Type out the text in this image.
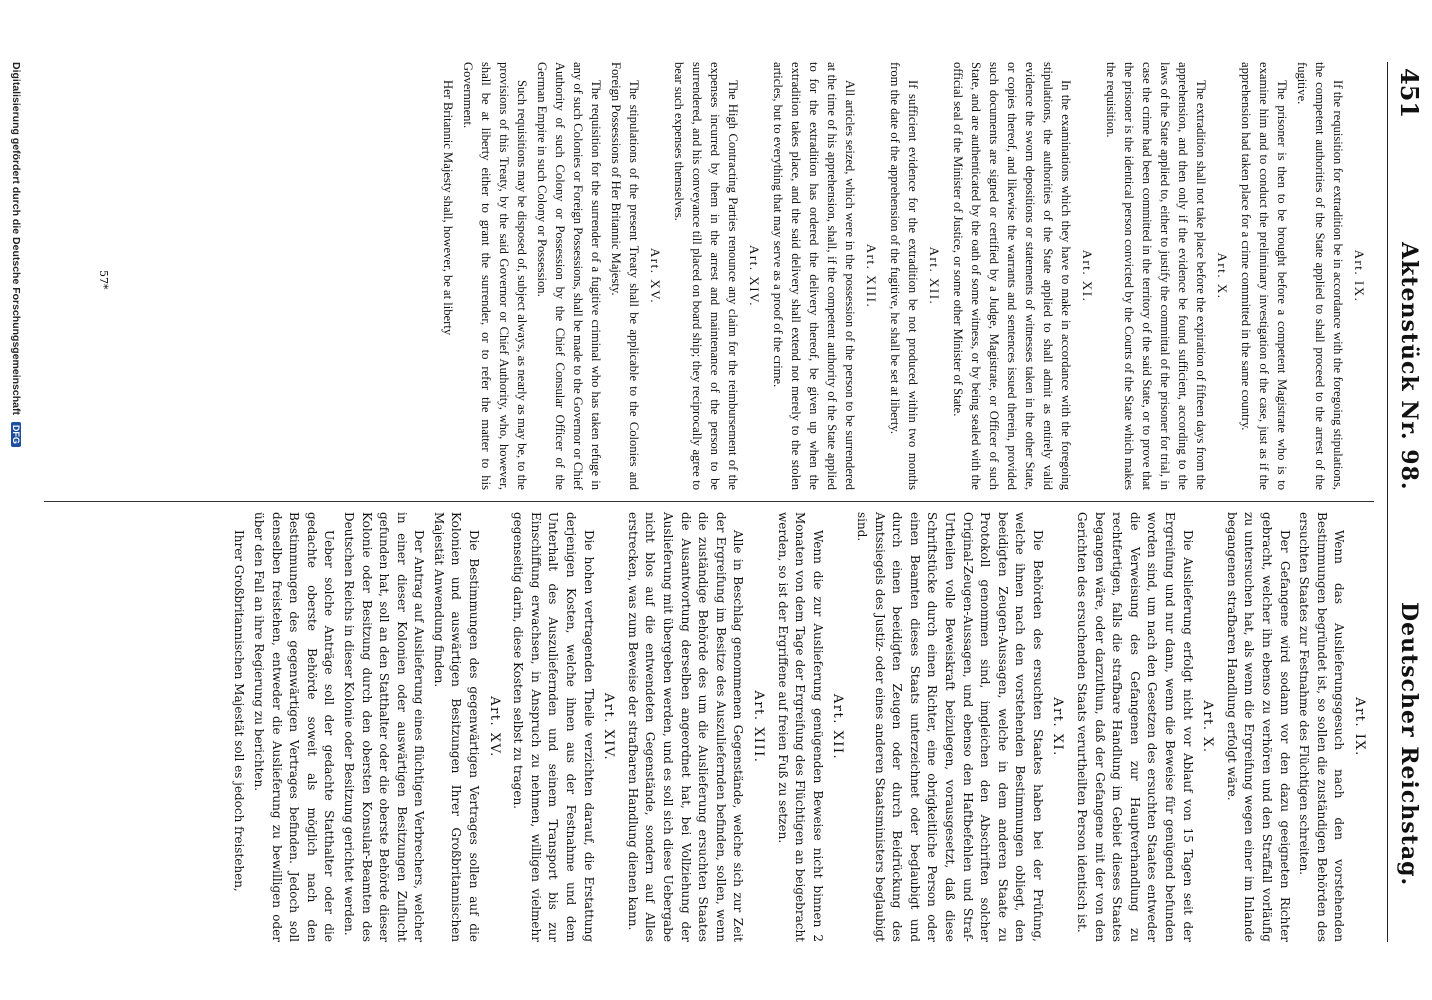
451
Aktenstück Nr. 98.
Deutscher Reichstag.
Art. IX.

If the requisition for extradition be in accordance with the foregoing stipulations, the competent authorities of the State applied to shall proceed to the arrest of the fugitive.

The prisoner is then to be brought before a competent Magistrate who is to examine him and to conduct the preliminary investigation of the case, just as if the apprehension had taken place for a crime committed in the same country.

Art. X.

The extradition shall not take place before the expiration of fifteen days from the apprehension, and then only if the evidence be found sufficient, according to the laws of the State applied to, either to justify the committal of the prisoner for trial, in case the crime had been committed in the territory of the said State, or to prove that the prisoner is the identical person convicted by the Courts of the State which makes the requisition.

Art. XI.

In the examinations which they have to make in accordance with the foregoing stipulations, the authorities of the State applied to shall admit as entirely valid evidence the sworn depositions or statements of witnesses taken in the other State, or copies thereof, and likewise the warrants and sentences issued therein, provided such documents are signed or certified by a Judge, Magistrate, or Officer of such State, and are authenticated by the oath of some witness, or by being sealed with the official seal of the Minister of Justice, or some other Minister of State.

Art. XII.

If sufficient evidence for the extradition be not produced within two months from the date of the apprehension of the fugitive, he shall be set at liberty.

Art. XIII.

All articles seized, which were in the possession of the person to be surrendered at the time of his apprehension, shall, if the competent authority of the State applied to for the extradition has ordered the delivery thereof, be given up when the extradition takes place, and the said delivery shall extend not merely to the stolen articles, but to everything that may serve as a proof of the crime.

Art. XIV.

The High Contracting Parties renounce any claim for the reimbursement of the expenses incurred by them in the arrest and maintenance of the person to be surrendered, and his conveyance till placed on board ship; they reciprocally agree to bear such expenses themselves.

Art. XV.

The stipulations of the present Treaty shall be applicable to the Colonies and Foreign Possessions of Her Britannic Majesty.

The requisition for the surrender of a fugitive criminal who has taken refuge in any of such Colonies or Foreign Possessions, shall be made to the Governor or Chief Authority of such Colony or Possession by the Chief Consular Officer of the German Empire in such Colony or Possession.

Such requisitions may be disposed of, subject always, as nearly as may be, to the provisions of this Treaty, by the said Governor or Chief Authority, who, however, shall be at liberty either to grant the surrender, or to refer the matter to his Government.

Her Britannic Majesty shall, however, be at liberty

Art. IX.

Wenn das Auslieferungsgesuch nach den vorstehenden Bestimmungen begründet ist, so sollen die zuständigen Behörden des ersuchten Staates zur Festnahme des Flüchtigen schreiten.

Der Gefangene wird sodann vor den dazu geeigneten Richter gebracht, welcher ihn ebenso zu verhören und den Straffall vorläufig zu untersuchen hat, als wenn die Ergreifung wegen einer im Inlande begangenen strafbaren Handlung erfolgt wäre.

Art. X.

Die Auslieferung erfolgt nicht vor Ablauf von 15 Tagen seit der Ergreifung und nur dann, wenn die Beweise für genügend befunden worden sind, um nach den Gesetzen des ersuchten Staates entweder die Verweisung des Gefangenen zur Hauptverhandlung zu rechtfertigen, falls die strafbare Handlung im Gebiet dieses Staates begangen wäre, oder darzuthun, daß der Gefangene mit der von den Gerichten des ersuchenden Staats verurtheilten Person identisch ist.

Art. XI.

Die Behörden des ersuchten Staates haben bei der Prüfung, welche ihnen nach den vorstehenden Bestimmungen obliegt, den beeidigten Zeugen-Aussagen, welche in dem anderen Staate zu Protokoll genommen sind, imgleichen den Abschriften solcher Original-Zeugen-Aussagen, und ebenso den Haftbefehlen und Straf-Urtheilen volle Beweiskraft beizulegen, vorausgesetzt, daß diese Schriftstücke durch einen Richter, eine obrigkeitliche Person oder einen Beamten dieses Staats unterzeichnet oder beglaubigt und durch einen beeidigten Zeugen oder durch Beidrückung des Amtssiegels des Justiz- oder eines anderen Staatsministers beglaubigt sind.

Art. XII.

Wenn die zur Auslieferung genügenden Beweise nicht binnen 2 Monaten von dem Tage der Ergreifung des Flüchtigen an beigebracht werden, so ist der Ergriffene auf freien Fuß zu setzen.

Art. XIII.

Alle in Beschlag genommenen Gegenstände, welche sich zur Zeit der Ergreifung im Besitze des Auszuliefernden befinden, sollen, wenn die zuständige Behörde des um die Auslieferung ersuchten Staates die Ausantwortung derselben angeordnet hat, bei Vollziehung der Auslieferung mit übergeben werden, und es soll sich diese Uebergabe nicht blos auf die entwendeten Gegenstände, sondern auf Alles erstrecken, was zum Beweise der strafbaren Handlung dienen kann.

Art. XIV.

Die hohen vertragenden Theile verzichten darauf, die Erstattung derjenigen Kosten, welche ihnen aus der Festnahme und dem Unterhalt des Auszuliefernden und seinem Transport bis zur Einschiffung erwachsen, in Anspruch zu nehmen, willigen vielmehr gegenseitig darin, diese Kosten selbst zu tragen.

Art. XV.

Die Bestimmungen des gegenwärtigen Vertrages sollen auf die Kolonien und auswärtigen Besitzungen Ihrer Großbritannischen Majestät Anwendung finden.

Der Antrag auf Auslieferung eines flüchtigen Verbrechers, welcher in einer dieser Kolonien oder auswärtigen Besitzungen Zuflucht gefunden hat, soll an den Statthalter oder die oberste Behörde dieser Kolonie oder Besitzung durch den obersten Konsular-Beamten des Deutschen Reichs in dieser Kolonie oder Besitzung gerichtet werden.

Ueber solche Anträge soll der gedachte Statthalter oder die gedachte oberste Behörde soweit als möglich nach den Bestimmungen des gegenwärtigen Vertrages befinden. Jedoch soll denselben freistehen, entweder die Auslieferung zu bewilligen oder über den Fall an ihre Regierung zu berichten.

Ihrer Großbritannischen Majestät soll es jedoch freistehen,

57*
Digitalisierung gefördert durch die Deutsche Forschungsgemeinschaft DFG
